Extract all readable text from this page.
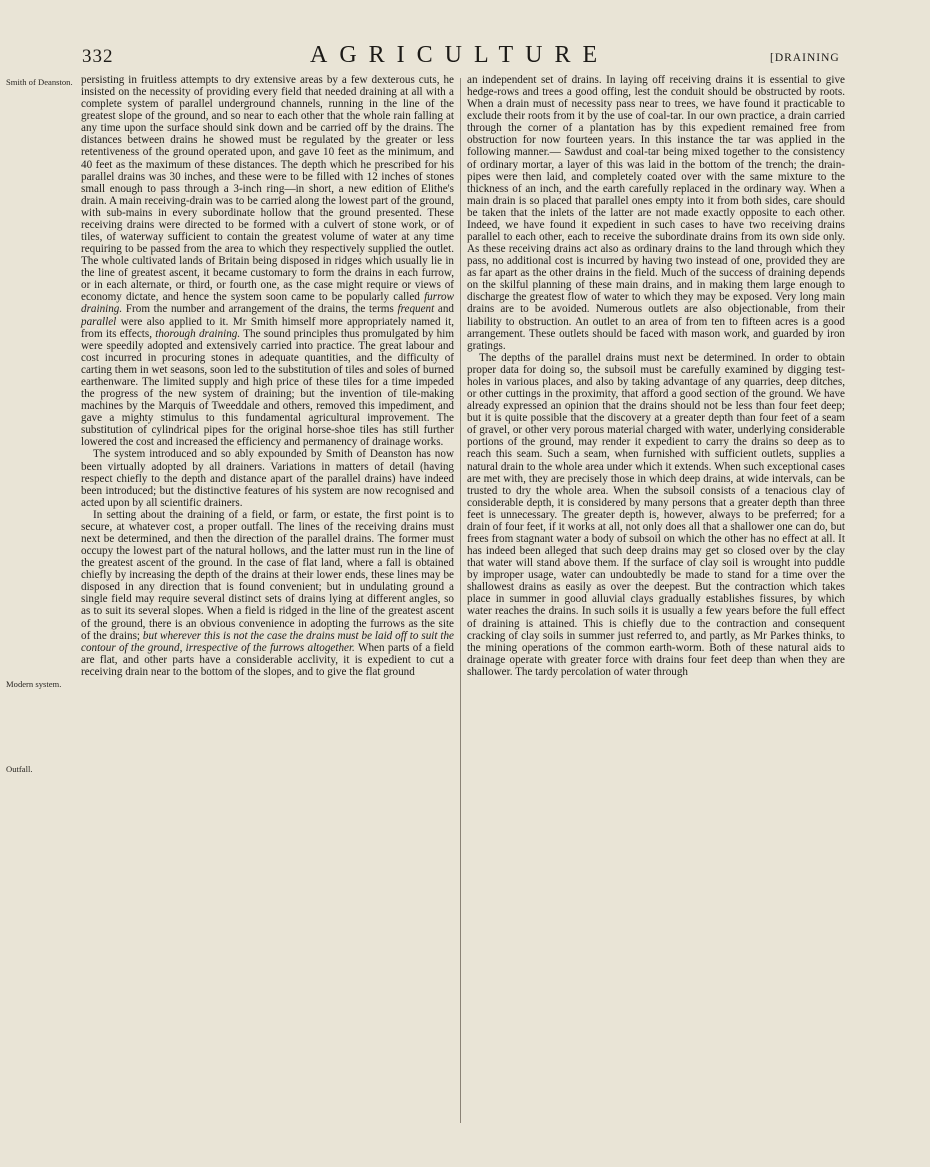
332	AGRICULTURE	[DRAINING
Smith of Deanston.
Modern system.
Outfall.

persisting in fruitless attempts to dry extensive areas by a few dexterous cuts, he insisted on the necessity of providing every field that needed draining at all with a complete system of parallel underground channels, running in the line of the greatest slope of the ground, and so near to each other that the whole rain falling at any time upon the surface should sink down and be carried off by the drains. The distances between drains he showed must be regulated by the greater or less retentiveness of the ground operated upon, and gave 10 feet as the minimum, and 40 feet as the maximum of these distances. The depth which he prescribed for his parallel drains was 30 inches, and these were to be filled with 12 inches of stones small enough to pass through a 3-inch ring—in short, a new edition of Elithe's drain. A main receiving-drain was to be carried along the lowest part of the ground, with sub-mains in every subordinate hollow that the ground presented. These receiving drains were directed to be formed with a culvert of stone work, or of tiles, of waterway sufficient to contain the greatest volume of water at any time requiring to be passed from the area to which they respectively supplied the outlet. The whole cultivated lands of Britain being disposed in ridges which usually lie in the line of greatest ascent, it became customary to form the drains in each furrow, or in each alternate, or third, or fourth one, as the case might require or views of economy dictate, and hence the system soon came to be popularly called furrow draining. From the number and arrangement of the drains, the terms frequent and parallel were also applied to it. Mr Smith himself more appropriately named it, from its effects, thorough draining. The sound principles thus promulgated by him were speedily adopted and extensively carried into practice. The great labour and cost incurred in procuring stones in adequate quantities, and the difficulty of carting them in wet seasons, soon led to the substitution of tiles and soles of burned earthenware. The limited supply and high price of these tiles for a time impeded the progress of the new system of draining; but the invention of tile-making machines by the Marquis of Tweeddale and others, removed this impediment, and gave a mighty stimulus to this fundamental agricultural improvement. The substitution of cylindrical pipes for the original horse-shoe tiles has still further lowered the cost and increased the efficiency and permanency of drainage works.

The system introduced and so ably expounded by Smith of Deanston has now been virtually adopted by all drainers. Variations in matters of detail (having respect chiefly to the depth and distance apart of the parallel drains) have indeed been introduced; but the distinctive features of his system are now recognised and acted upon by all scientific drainers.

In setting about the draining of a field, or farm, or estate, the first point is to secure, at whatever cost, a proper outfall. The lines of the receiving drains must next be determined, and then the direction of the parallel drains. The former must occupy the lowest part of the natural hollows, and the latter must run in the line of the greatest ascent of the ground. In the case of flat land, where a fall is obtained chiefly by increasing the depth of the drains at their lower ends, these lines may be disposed in any direction that is found convenient; but in undulating ground a single field may require several distinct sets of drains lying at different angles, so as to suit its several slopes. When a field is ridged in the line of the greatest ascent of the ground, there is an obvious convenience in adopting the furrows as the site of the drains; but wherever this is not the case the drains must be laid off to suit the contour of the ground, irrespective of the furrows altogether. When parts of a field are flat, and other parts have a considerable acclivity, it is expedient to cut a receiving drain near to the bottom of the slopes, and to give the flat ground

an independent set of drains. In laying off receiving drains it is essential to give hedge-rows and trees a good offing, lest the conduit should be obstructed by roots. When a drain must of necessity pass near to trees, we have found it practicable to exclude their roots from it by the use of coal-tar. In our own practice, a drain carried through the corner of a plantation has by this expedient remained free from obstruction for now fourteen years. In this instance the tar was applied in the following manner.— Sawdust and coal-tar being mixed together to the consistency of ordinary mortar, a layer of this was laid in the bottom of the trench; the drain-pipes were then laid, and completely coated over with the same mixture to the thickness of an inch, and the earth carefully replaced in the ordinary way. When a main drain is so placed that parallel ones empty into it from both sides, care should be taken that the inlets of the latter are not made exactly opposite to each other. Indeed, we have found it expedient in such cases to have two receiving drains parallel to each other, each to receive the subordinate drains from its own side only. As these receiving drains act also as ordinary drains to the land through which they pass, no additional cost is incurred by having two instead of one, provided they are as far apart as the other drains in the field. Much of the success of draining depends on the skilful planning of these main drains, and in making them large enough to discharge the greatest flow of water to which they may be exposed. Very long main drains are to be avoided. Numerous outlets are also objectionable, from their liability to obstruction. An outlet to an area of from ten to fifteen acres is a good arrangement. These outlets should be faced with mason work, and guarded by iron gratings.

The depths of the parallel drains must next be determined. In order to obtain proper data for doing so, the subsoil must be carefully examined by digging test-holes in various places, and also by taking advantage of any quarries, deep ditches, or other cuttings in the proximity, that afford a good section of the ground. We have already expressed an opinion that the drains should not be less than four feet deep; but it is quite possible that the discovery at a greater depth than four feet of a seam of gravel, or other very porous material charged with water, underlying considerable portions of the ground, may render it expedient to carry the drains so deep as to reach this seam. Such a seam, when furnished with sufficient outlets, supplies a natural drain to the whole area under which it extends. When such exceptional cases are met with, they are precisely those in which deep drains, at wide intervals, can be trusted to dry the whole area. When the subsoil consists of a tenacious clay of considerable depth, it is considered by many persons that a greater depth than three feet is unnecessary. The greater depth is, however, always to be preferred; for a drain of four feet, if it works at all, not only does all that a shallower one can do, but frees from stagnant water a body of subsoil on which the other has no effect at all. It has indeed been alleged that such deep drains may get so closed over by the clay that water will stand above them. If the surface of clay soil is wrought into puddle by improper usage, water can undoubtedly be made to stand for a time over the shallowest drains as easily as over the deepest. But the contraction which takes place in summer in good alluvial clays gradually establishes fissures, by which water reaches the drains. In such soils it is usually a few years before the full effect of draining is attained. This is chiefly due to the contraction and consequent cracking of clay soils in summer just referred to, and partly, as Mr Parkes thinks, to the mining operations of the common earth-worm. Both of these natural aids to drainage operate with greater force with drains four feet deep than when they are shallower. The tardy percolation of water through
